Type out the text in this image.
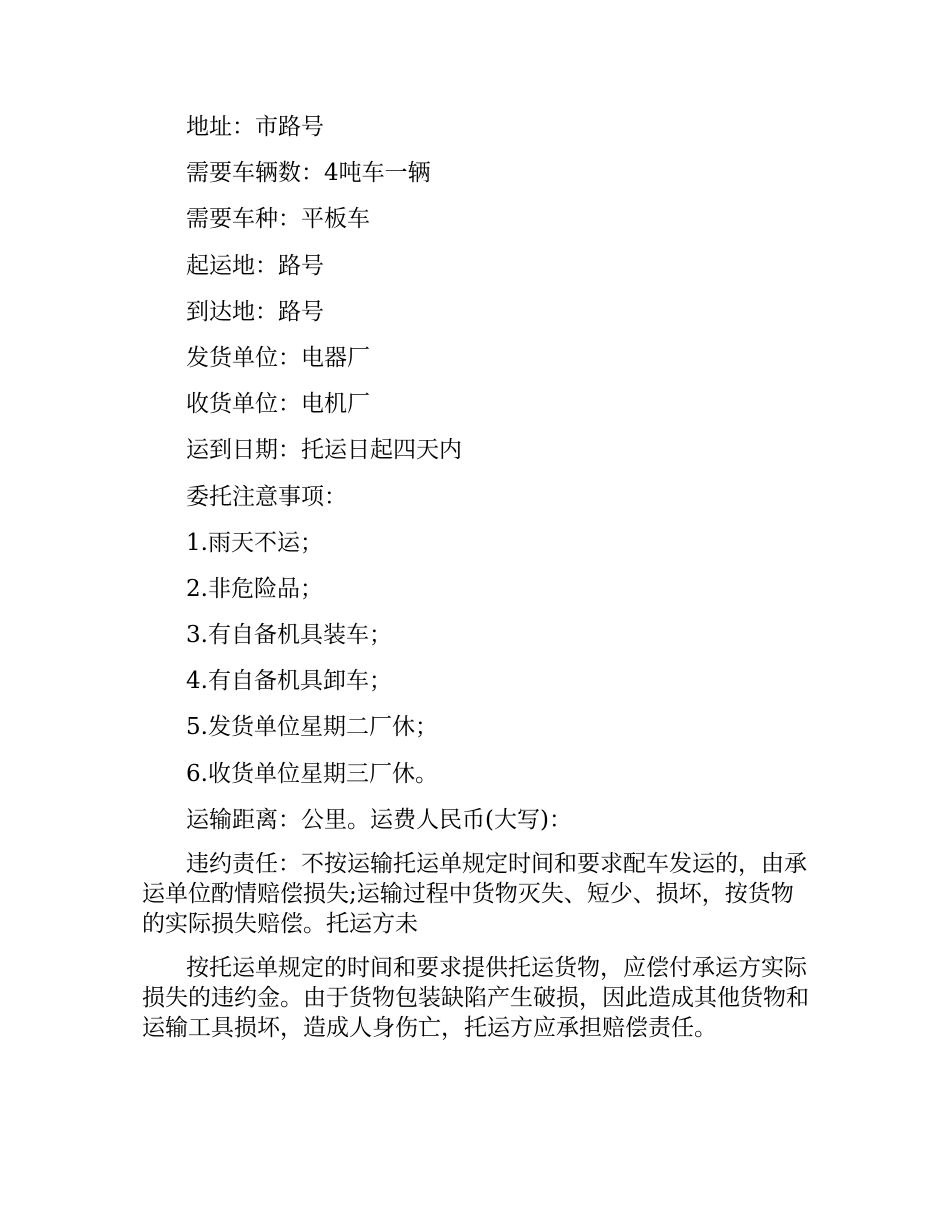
地址：市路号

需要车辆数：4吨车一辆

需要车种：平板车

起运地：路号

到达地：路号

发货单位：电器厂

收货单位：电机厂

运到日期：托运日起四天内

委托注意事项：

1.雨天不运；

2.非危险品；

3.有自备机具装车；

4.有自备机具卸车；

5.发货单位星期二厂休；

6.收货单位星期三厂休。

运输距离：公里。运费人民币(大写)：

违约责任：不按运输托运单规定时间和要求配车发运的，由承运单位酌情赔偿损失;运输过程中货物灭失、短少、损坏，按货物的实际损失赔偿。托运方未

按托运单规定的时间和要求提供托运货物，应偿付承运方实际损失的违约金。由于货物包装缺陷产生破损，因此造成其他货物和运输工具损坏，造成人身伤亡，托运方应承担赔偿责任。
